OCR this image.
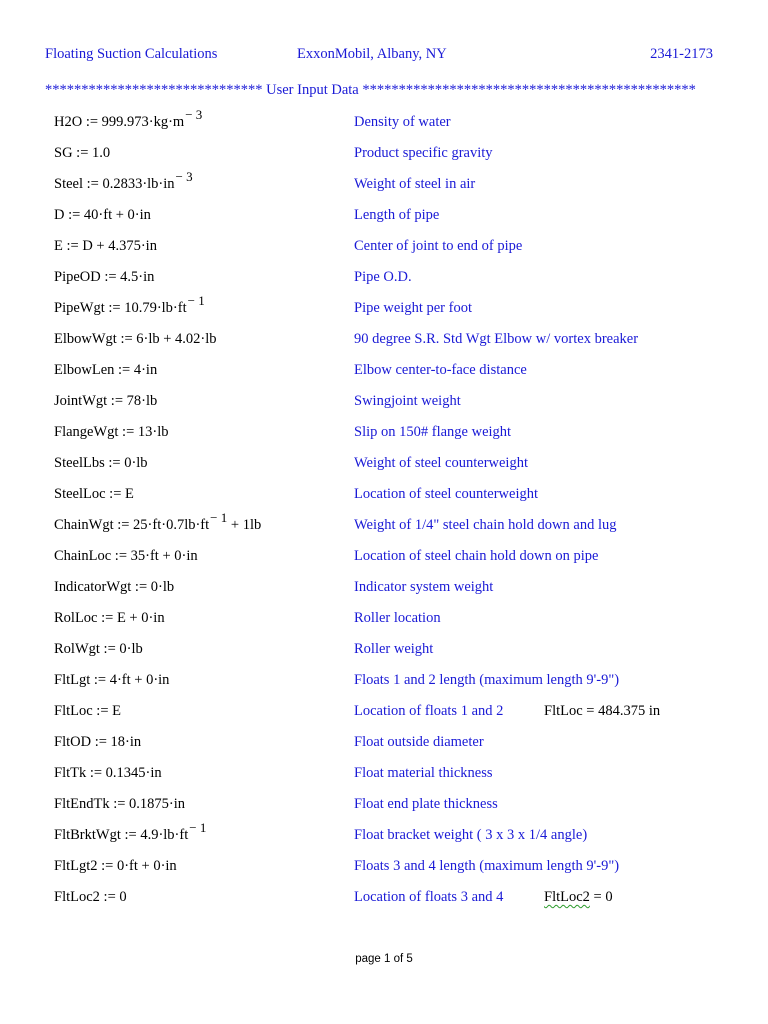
Floating Suction Calculations	ExxonMobil, Albany, NY	2341-2173
****************************** User Input Data **********************************************
H2O := 999.973·kg·m− 3	Density of water
SG := 1.0	Product specific gravity
Steel := 0.2833·lb·in− 3	Weight of steel in air
D := 40·ft + 0·in	Length of pipe
E := D + 4.375·in	Center of joint to end of pipe
PipeOD := 4.5·in	Pipe O.D.
PipeWgt := 10.79·lb·ft− 1	Pipe weight per foot
ElbowWgt := 6·lb + 4.02·lb	90 degree S.R. Std Wgt Elbow w/ vortex breaker
ElbowLen := 4·in	Elbow center-to-face distance
JointWgt := 78·lb	Swingjoint weight
FlangeWgt := 13·lb	Slip on 150# flange weight
SteelLbs := 0·lb	Weight of steel counterweight
SteelLoc := E	Location of steel counterweight
ChainWgt := 25·ft·0.7lb·ft− 1 + 1lb	Weight of 1/4" steel chain hold down and lug
ChainLoc := 35·ft + 0·in	Location of steel chain hold down on pipe
IndicatorWgt := 0·lb	Indicator system weight
RolLoc := E + 0·in	Roller location
RolWgt := 0·lb	Roller weight
FltLgt := 4·ft + 0·in	Floats 1 and 2 length (maximum length 9'-9")
FltLoc := E	Location of floats 1 and 2	FltLoc = 484.375 in
FltOD := 18·in	Float outside diameter
FltTk := 0.1345·in	Float material thickness
FltEndTk := 0.1875·in	Float end plate thickness
FltBrktWgt := 4.9·lb·ft− 1	Float bracket weight ( 3 x 3 x 1/4 angle)
FltLgt2 := 0·ft + 0·in	Floats 3 and 4 length (maximum length 9'-9")
FltLoc2 := 0	Location of floats 3 and 4	FltLoc2 = 0
page 1 of 5
